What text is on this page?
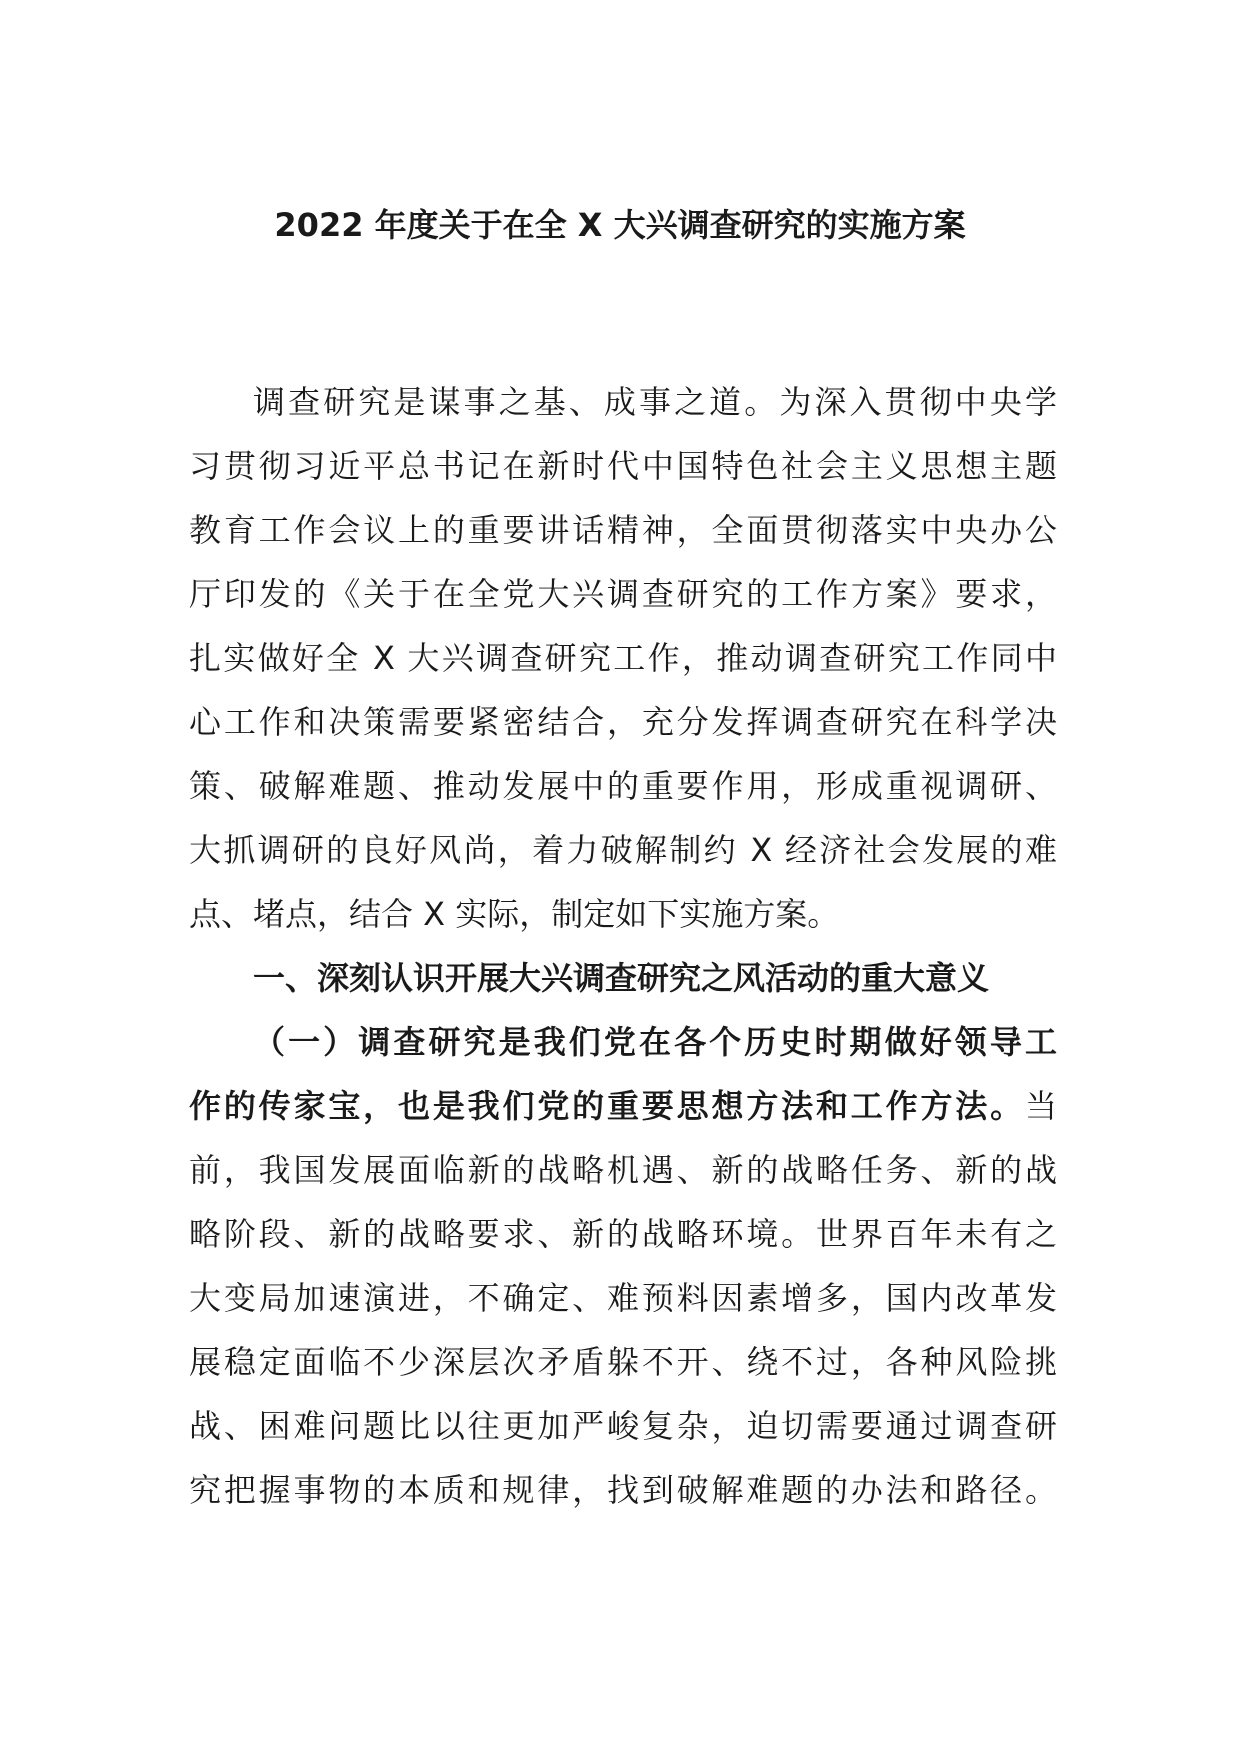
2022 年度关于在全 X 大兴调查研究的实施方案
调查研究是谋事之基、成事之道。为深入贯彻中央学
习贯彻习近平总书记在新时代中国特色社会主义思想主题
教育工作会议上的重要讲话精神，全面贯彻落实中央办公
厅印发的《关于在全党大兴调查研究的工作方案》要求，
扎实做好全 X 大兴调查研究工作，推动调查研究工作同中
心工作和决策需要紧密结合，充分发挥调查研究在科学决
策、破解难题、推动发展中的重要作用，形成重视调研、
大抓调研的良好风尚，着力破解制约 X 经济社会发展的难
点、堵点，结合 X 实际，制定如下实施方案。
一、深刻认识开展大兴调查研究之风活动的重大意义
（一）调查研究是我们党在各个历史时期做好领导工
作的传家宝，也是我们党的重要思想方法和工作方法。当
前，我国发展面临新的战略机遇、新的战略任务、新的战
略阶段、新的战略要求、新的战略环境。世界百年未有之
大变局加速演进，不确定、难预料因素增多，国内改革发
展稳定面临不少深层次矛盾躲不开、绕不过，各种风险挑
战、困难问题比以往更加严峻复杂，迫切需要通过调查研
究把握事物的本质和规律，找到破解难题的办法和路径。
